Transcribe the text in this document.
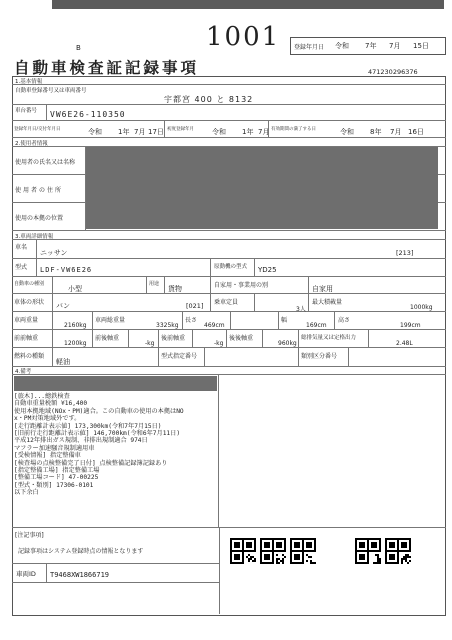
B
自動車検査証記録事項
1001 登録年月日 令和 7年 7月 15日
471230296376
1.基本情報
自動車登録番号又は車両番号
宇都宮 400 と 8132
車台番号 VW6E26-110350
登録年月日/交付年月日	令和 1年 7月 17日 初度登録年月	令和 1年 7月 有効期間の満了する日	令和 8年 7月 16日
2.使用者情報
使用者の氏名又は名称
使用者の住所
使用の本拠の位置
3.車両詳細情報
車名
ニッサン	[213]
型式 LDF-VW6E26	原動機の型式 YD25
自動車の種別
小型
用途
貨物	自家用・事業用の別	自家用
車体の形状 バン	[021] 乗車定員
3人
最大積載量
1000kg
車両重量
2160kg
車両総重量
3325kg
長さ
469cm
幅
169cm
高さ
199cm
前前軸重
1200kg
前後軸重
-kg
後前軸重
-kg
後後軸重
960kg
総排気量又は定格出力
2.48L
燃料の種類
軽油
型式指定番号	類別区分番号
4.備考
[旅木]...總鉄検査
自動車重量税額 ¥16,400
使用本拠地域(NOx・PM)適合。この自動車の使用の本拠はNO
x・PM対策地域外です。
[走行距離計表示値] 173,300km(令和7年7月15日)
[旧前行走行距離計表示値] 146,700km(令和6年7月11日)
平成12年排出ガス規制、非排出規制適合 974日
マフラー加速騒音規制適用車
[受検情報] 指定整備車
[検査場の点検整備完了日付] 点検整備記録簿記録あり
[指定整備工場] 指定整備工場
[整備工場コード] 47-00225
[型式・類別] 17306-0101
以下余白
[注記事項]
記録事項はシステム登録時点の情報となります
車両ID T9468XW1866719
